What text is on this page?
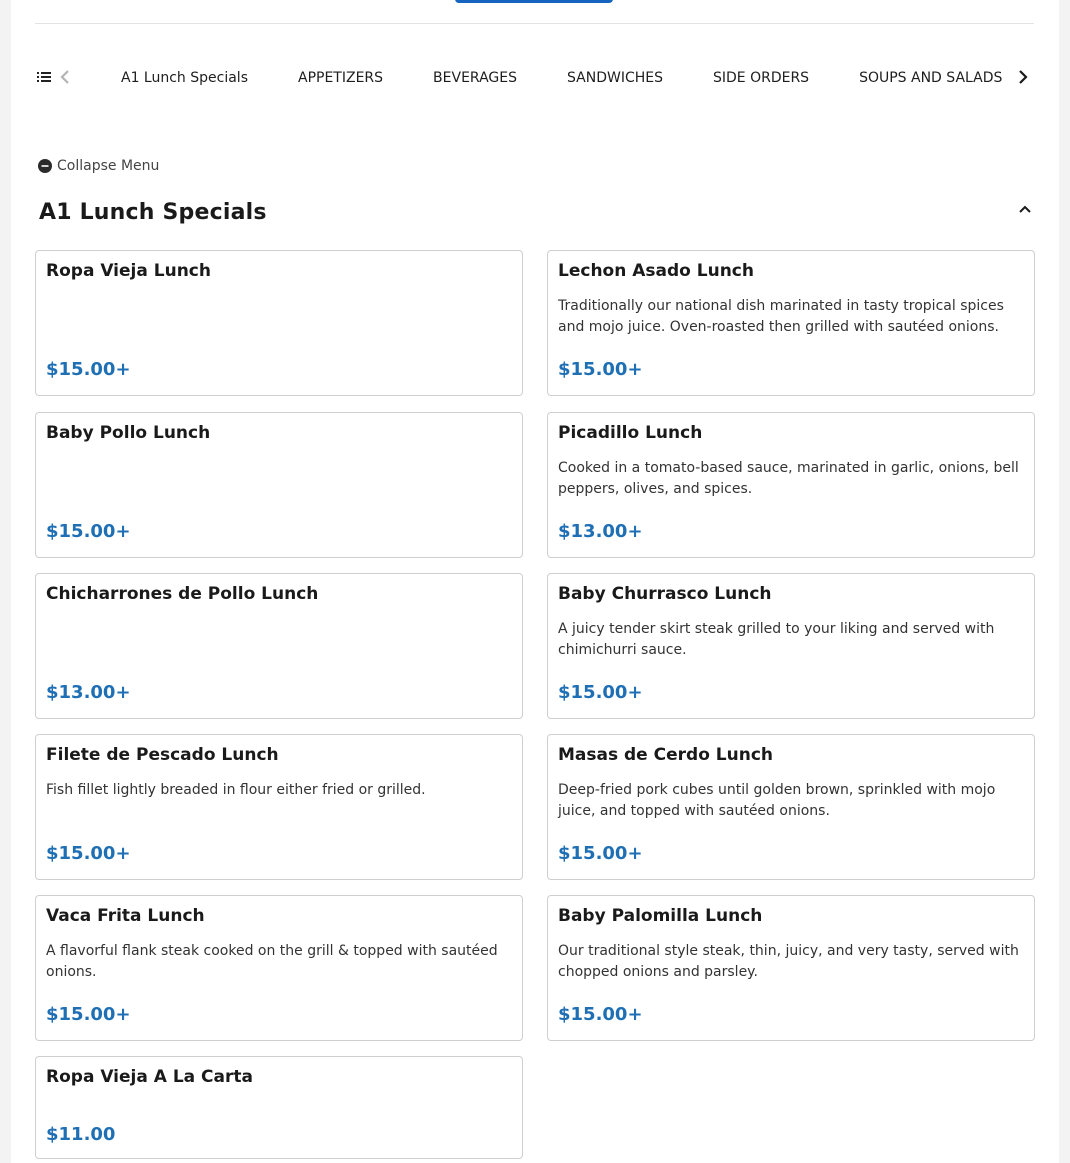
A1 Lunch Specials	APPETIZERS	BEVERAGES	SANDWICHES	SIDE ORDERS	SOUPS AND SALADS
Collapse Menu
A1 Lunch Specials
Ropa Vieja Lunch
$15.00+
Lechon Asado Lunch
Traditionally our national dish marinated in tasty tropical spices and mojo juice. Oven-roasted then grilled with sautéed onions.
$15.00+
Baby Pollo Lunch
$15.00+
Picadillo Lunch
Cooked in a tomato-based sauce, marinated in garlic, onions, bell peppers, olives, and spices.
$13.00+
Chicharrones de Pollo Lunch
$13.00+
Baby Churrasco Lunch
A juicy tender skirt steak grilled to your liking and served with chimichurri sauce.
$15.00+
Filete de Pescado Lunch
Fish fillet lightly breaded in flour either fried or grilled.
$15.00+
Masas de Cerdo Lunch
Deep-fried pork cubes until golden brown, sprinkled with mojo juice, and topped with sautéed onions.
$15.00+
Vaca Frita Lunch
A flavorful flank steak cooked on the grill & topped with sautéed onions.
$15.00+
Baby Palomilla Lunch
Our traditional style steak, thin, juicy, and very tasty, served with chopped onions and parsley.
$15.00+
Ropa Vieja A La Carta
$11.00
